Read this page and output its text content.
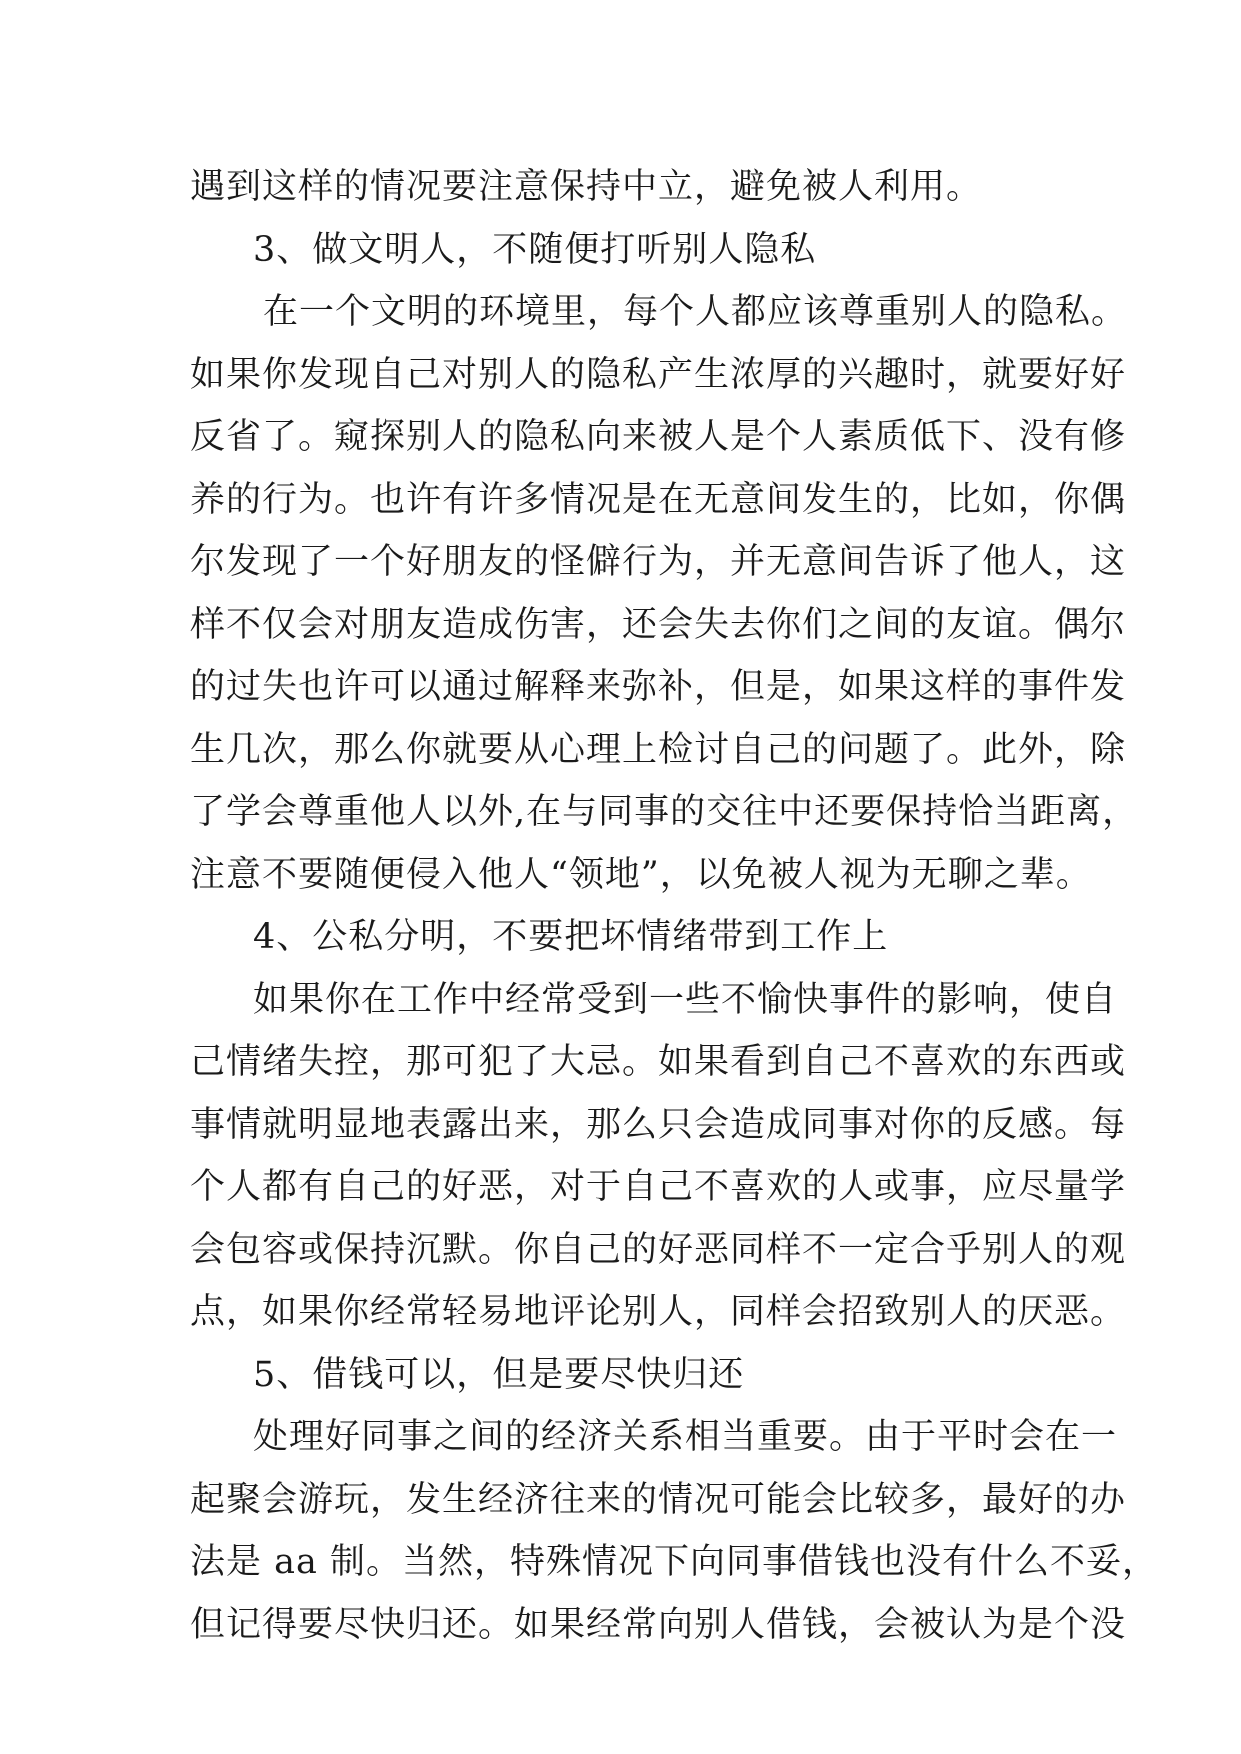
遇到这样的情况要注意保持中立，避免被人利用。
3、做文明人，不随便打听别人隐私
在一个文明的环境里，每个人都应该尊重别人的隐私。
如果你发现自己对别人的隐私产生浓厚的兴趣时，就要好好
反省了。窥探别人的隐私向来被人是个人素质低下、没有修
养的行为。也许有许多情况是在无意间发生的，比如，你偶
尔发现了一个好朋友的怪僻行为，并无意间告诉了他人，这
样不仅会对朋友造成伤害，还会失去你们之间的友谊。偶尔
的过失也许可以通过解释来弥补，但是，如果这样的事件发
生几次，那么你就要从心理上检讨自己的问题了。此外，除
了学会尊重他人以外,在与同事的交往中还要保持恰当距离，
注意不要随便侵入他人“领地”，以免被人视为无聊之辈。
4、公私分明，不要把坏情绪带到工作上
如果你在工作中经常受到一些不愉快事件的影响，使自
己情绪失控，那可犯了大忌。如果看到自己不喜欢的东西或
事情就明显地表露出来，那么只会造成同事对你的反感。每
个人都有自己的好恶，对于自己不喜欢的人或事，应尽量学
会包容或保持沉默。你自己的好恶同样不一定合乎别人的观
点，如果你经常轻易地评论别人，同样会招致别人的厌恶。
5、借钱可以，但是要尽快归还
处理好同事之间的经济关系相当重要。由于平时会在一
起聚会游玩，发生经济往来的情况可能会比较多，最好的办
法是 aa 制。当然，特殊情况下向同事借钱也没有什么不妥，
但记得要尽快归还。如果经常向别人借钱，会被认为是个没
